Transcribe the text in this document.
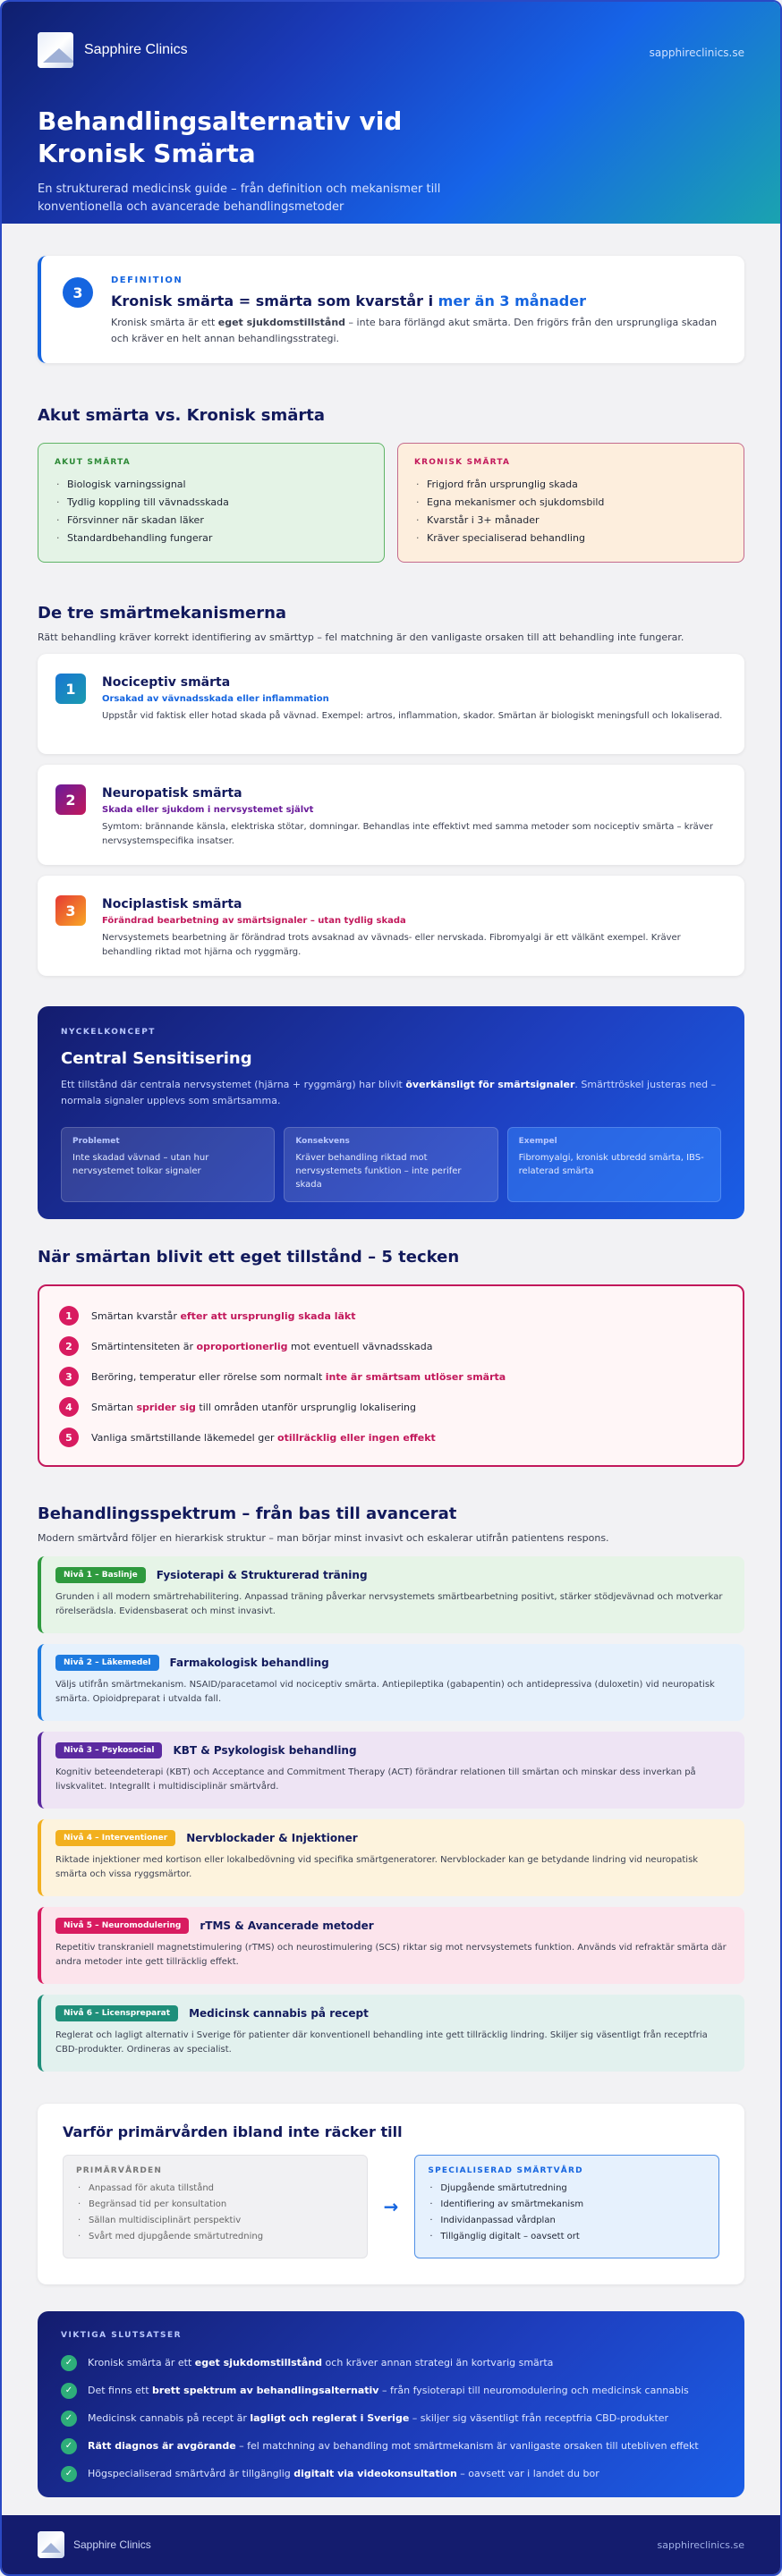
Sapphire Clinics	sapphireclinics.se
Behandlingsalternativ vid Kronisk Smärta

En strukturerad medicinsk guide – från definition och mekanismer till konventionella och avancerade behandlingsmetoder

3
DEFINITION
Kronisk smärta = smärta som kvarstår i mer än 3 månader

Kronisk smärta är ett eget sjukdomstillstånd – inte bara förlängd akut smärta. Den frigörs från den ursprungliga skadan och kräver en helt annan behandlingsstrategi.

Akut smärta vs. Kronisk smärta
AKUT SMÄRTA
· Biologisk varningssignal
· Tydlig koppling till vävnadsskada
· Försvinner när skadan läker
· Standardbehandling fungerar
KRONISK SMÄRTA
· Frigjord från ursprunglig skada
· Egna mekanismer och sjukdomsbild
· Kvarstår i 3+ månader
· Kräver specialiserad behandling
De tre smärtmekanismerna
Rätt behandling kräver korrekt identifiering av smärttyp – fel matchning är den vanligaste orsaken till att behandling inte fungerar.
1	Nociceptiv smärta
Orsakad av vävnadsskada eller inflammation

Uppstår vid faktisk eller hotad skada på vävnad. Exempel: artros, inflammation, skador. Smärtan är biologiskt meningsfull och lokaliserad.

2	Neuropatisk smärta
Skada eller sjukdom i nervsystemet självt

Symtom: brännande känsla, elektriska stötar, domningar. Behandlas inte effektivt med samma metoder som nociceptiv smärta – kräver nervsystemspecifika insatser.

3	Nociplastisk smärta
Förändrad bearbetning av smärtsignaler – utan tydlig skada

Nervsystemets bearbetning är förändrad trots avsaknad av vävnads- eller nervskada. Fibromyalgi är ett välkänt exempel. Kräver behandling riktad mot hjärna och ryggmärg.

NYCKELKONCEPT
Central Sensitisering

Ett tillstånd där centrala nervsystemet (hjärna + ryggmärg) har blivit överkänsligt för smärtsignaler. Smärttröskel justeras ned – normala signaler upplevs som smärtsamma.

Problemet
Inte skadad vävnad – utan hur nervsystemet tolkar signaler
Konsekvens
Kräver behandling riktad mot nervsystemets funktion – inte perifer skada
Exempel
Fibromyalgi, kronisk utbredd smärta, IBS-relaterad smärta
När smärtan blivit ett eget tillstånd – 5 tecken
1	Smärtan kvarstår efter att ursprunglig skada läkt
2	Smärtintensiteten är oproportionerlig mot eventuell vävnadsskada
3	Beröring, temperatur eller rörelse som normalt inte är smärtsam utlöser smärta
4	Smärtan sprider sig till områden utanför ursprunglig lokalisering
5	Vanliga smärtstillande läkemedel ger otillräcklig eller ingen effekt
Behandlingsspektrum – från bas till avancerat
Modern smärtvård följer en hierarkisk struktur – man börjar minst invasivt och eskalerar utifrån patientens respons.
Nivå 1 – Baslinje	Fysioterapi & Strukturerad träning

Grunden i all modern smärtrehabilitering. Anpassad träning påverkar nervsystemets smärtbearbetning positivt, stärker stödjevävnad och motverkar rörelserädsla. Evidensbaserat och minst invasivt.

Nivå 2 – Läkemedel	Farmakologisk behandling

Väljs utifrån smärtmekanism. NSAID/paracetamol vid nociceptiv smärta. Antiepileptika (gabapentin) och antidepressiva (duloxetin) vid neuropatisk smärta. Opioidpreparat i utvalda fall.

Nivå 3 – Psykosocial	KBT & Psykologisk behandling

Kognitiv beteendeterapi (KBT) och Acceptance and Commitment Therapy (ACT) förändrar relationen till smärtan och minskar dess inverkan på livskvalitet. Integrallt i multidisciplinär smärtvård.

Nivå 4 – Interventioner	Nervblockader & Injektioner

Riktade injektioner med kortison eller lokalbedövning vid specifika smärtgeneratorer. Nervblockader kan ge betydande lindring vid neuropatisk smärta och vissa ryggsmärtor.

Nivå 5 – Neuromodulering	rTMS & Avancerade metoder

Repetitiv transkraniell magnetstimulering (rTMS) och neurostimulering (SCS) riktar sig mot nervsystemets funktion. Används vid refraktär smärta där andra metoder inte gett tillräcklig effekt.

Nivå 6 – Licenspreparat	Medicinsk cannabis på recept

Reglerat och lagligt alternativ i Sverige för patienter där konventionell behandling inte gett tillräcklig lindring. Skiljer sig väsentligt från receptfria CBD-produkter. Ordineras av specialist.

Varför primärvården ibland inte räcker till
PRIMÄRVÅRDEN
· Anpassad för akuta tillstånd
· Begränsad tid per konsultation
· Sällan multidisciplinärt perspektiv
· Svårt med djupgående smärtutredning
→
SPECIALISERAD SMÄRTVÅRD
· Djupgående smärtutredning
· Identifiering av smärtmekanism
· Individanpassad vårdplan
· Tillgänglig digitalt – oavsett ort
VIKTIGA SLUTSATSER
✓	Kronisk smärta är ett eget sjukdomstillstånd och kräver annan strategi än kortvarig smärta
✓	Det finns ett brett spektrum av behandlingsalternativ – från fysioterapi till neuromodulering och medicinsk cannabis
✓	Medicinsk cannabis på recept är lagligt och reglerat i Sverige – skiljer sig väsentligt från receptfria CBD-produkter
✓	Rätt diagnos är avgörande – fel matchning av behandling mot smärtmekanism är vanligaste orsaken till utebliven effekt
✓	Högspecialiserad smärtvård är tillgänglig digitalt via videokonsultation – oavsett var i landet du bor
Sapphire Clinics	sapphireclinics.se
